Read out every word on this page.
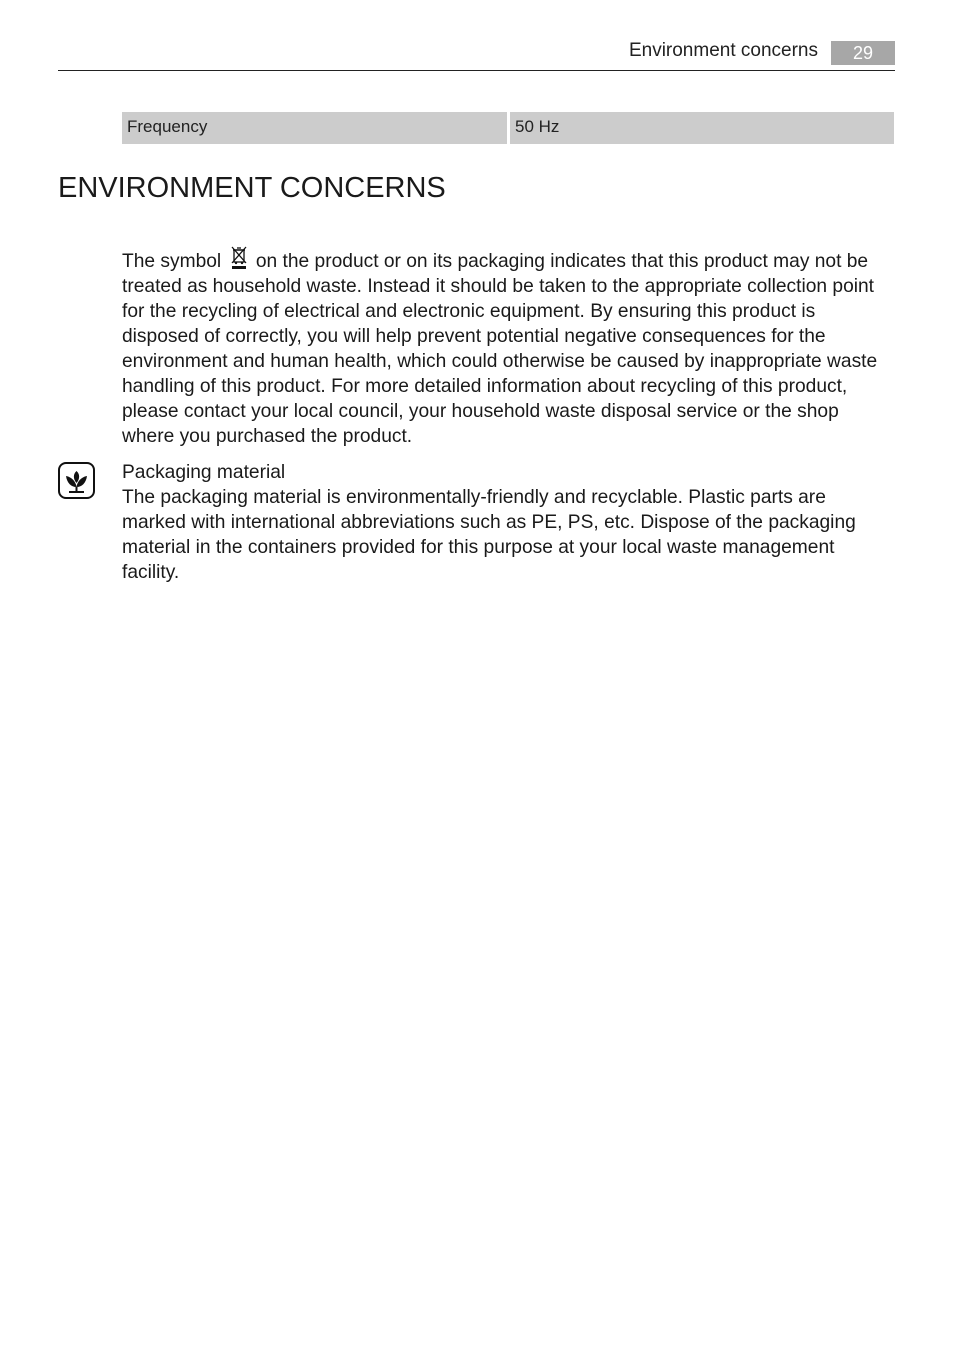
Environment concerns	29
Frequency	50 Hz
ENVIRONMENT CONCERNS
The symbol on the product or on its packaging indicates that this product may not be treated as household waste. Instead it should be taken to the appropriate collection point for the recycling of electrical and electronic equipment. By ensuring this product is disposed of correctly, you will help prevent potential negative consequences for the environment and human health, which could otherwise be caused by inappropriate waste handling of this product. For more detailed information about recycling of this product, please contact your local council, your household waste disposal service or the shop where you purchased the product.
Packaging material
The packaging material is environmentally-friendly and recyclable. Plastic parts are marked with international abbreviations such as PE, PS, etc. Dispose of the packaging material in the containers provided for this purpose at your local waste management facility.
